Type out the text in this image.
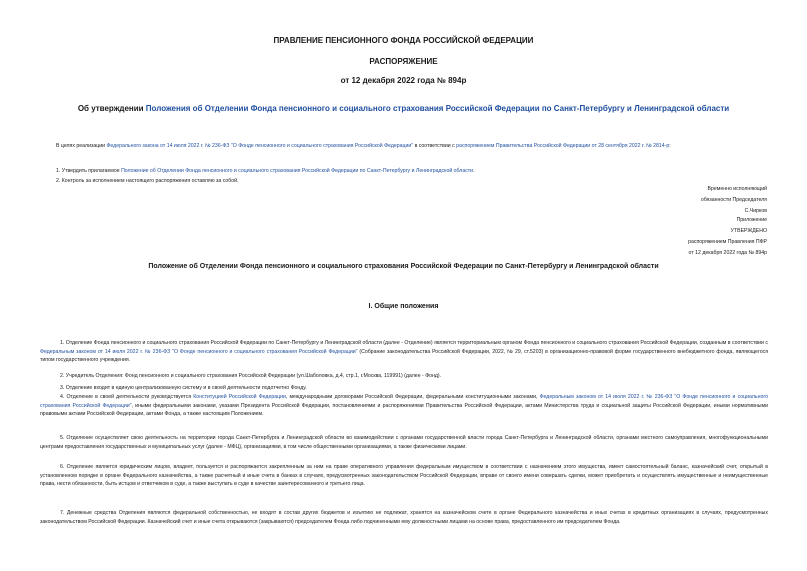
ПРАВЛЕНИЕ ПЕНСИОННОГО ФОНДА РОССИЙСКОЙ ФЕДЕРАЦИИ
РАСПОРЯЖЕНИЕ
от 12 декабря 2022 года № 894р
Об утверждении Положения об Отделении Фонда пенсионного и социального страхования Российской Федерации по Санкт-Петербургу и Ленинградской области
В целях реализации Федерального закона от 14 июля 2022 г. № 236-ФЗ "О Фонде пенсионного и социального страхования Российской Федерации" в соответствии с распоряжением Правительства Российской Федерации от 28 сентября 2022 г. № 2814-р:
1. Утвердить прилагаемое Положение об Отделении Фонда пенсионного и социального страхования Российской Федерации по Санкт-Петербургу и Ленинградской области.
2. Контроль за исполнением настоящего распоряжения оставляю за собой.
Временно исполняющий
обязанности Председателя
С.Чирков
Приложение
УТВЕРЖДЕНО
распоряжением Правления ПФР
от 12 декабря 2022 года № 894р
Положение об Отделении Фонда пенсионного и социального страхования Российской Федерации по Санкт-Петербургу и Ленинградской области
I. Общие положения
1. Отделение Фонда пенсионного и социального страхования Российской Федерации по Санкт-Петербургу и Ленинградской области (далее - Отделение) является территориальным органом Фонда пенсионного и социального страхования Российской Федерации, созданным в соответствии с Федеральным законом от 14 июля 2022 г. № 236-ФЗ "О Фонде пенсионного и социального страхования Российской Федерации" (Собрание законодательства Российской Федерации, 2022, № 29, ст.5203) в организационно-правовой форме государственного внебюджетного фонда, являющегося типом государственного учреждения.
2. Учредитель Отделения: Фонд пенсионного и социального страхования Российской Федерации (ул.Шаболовка, д.4, стр.1, г.Москва, 119991) (далее - Фонд).
3. Отделение входит в единую централизованную систему и в своей деятельности подотчетно Фонду.
4. Отделение в своей деятельности руководствуется Конституцией Российской Федерации, международными договорами Российской Федерации, федеральными конституционными законами, Федеральным законом от 14 июля 2022 г. № 236-ФЗ "О Фонде пенсионного и социального страхования Российской Федерации", иными федеральными законами, указами Президента Российской Федерации, постановлениями и распоряжениями Правительства Российской Федерации, актами Министерства труда и социальной защиты Российской Федерации, иными нормативными правовыми актами Российской Федерации, актами Фонда, а также настоящим Положением.
5. Отделение осуществляет свою деятельность на территории города Санкт-Петербурга и Ленинградской области во взаимодействии с органами государственной власти города Санкт-Петербурга и Ленинградской области, органами местного самоуправления, многофункциональными центрами предоставления государственных и муниципальных услуг (далее - МФЦ), организациями, в том числе общественными организациями, а также физическими лицами.
6. Отделение является юридическим лицом, владеет, пользуется и распоряжается закрепленным за ним на праве оперативного управления федеральным имуществом в соответствии с назначением этого имущества, имеет самостоятельный баланс, казначейский счет, открытый в установленном порядке в органе Федерального казначейства, а также расчетный и иные счета в банках в случаях, предусмотренных законодательством Российской Федерации, вправе от своего имени совершать сделки, может приобретать и осуществлять имущественные и неимущественные права, нести обязанности, быть истцом и ответчиком в суде, а также выступать в суде в качестве заинтересованного и третьего лица.
7. Денежные средства Отделения являются федеральной собственностью, не входят в состав других бюджетов и изъятию не подлежат, хранятся на казначейском счете в органе Федерального казначейства и иных счетах в кредитных организациях в случаях, предусмотренных законодательством Российской Федерации. Казначейский счет и иные счета открываются (закрываются) председателем Фонда либо подчиненными ему должностными лицами на основе права, предоставленного им председателем Фонда.
